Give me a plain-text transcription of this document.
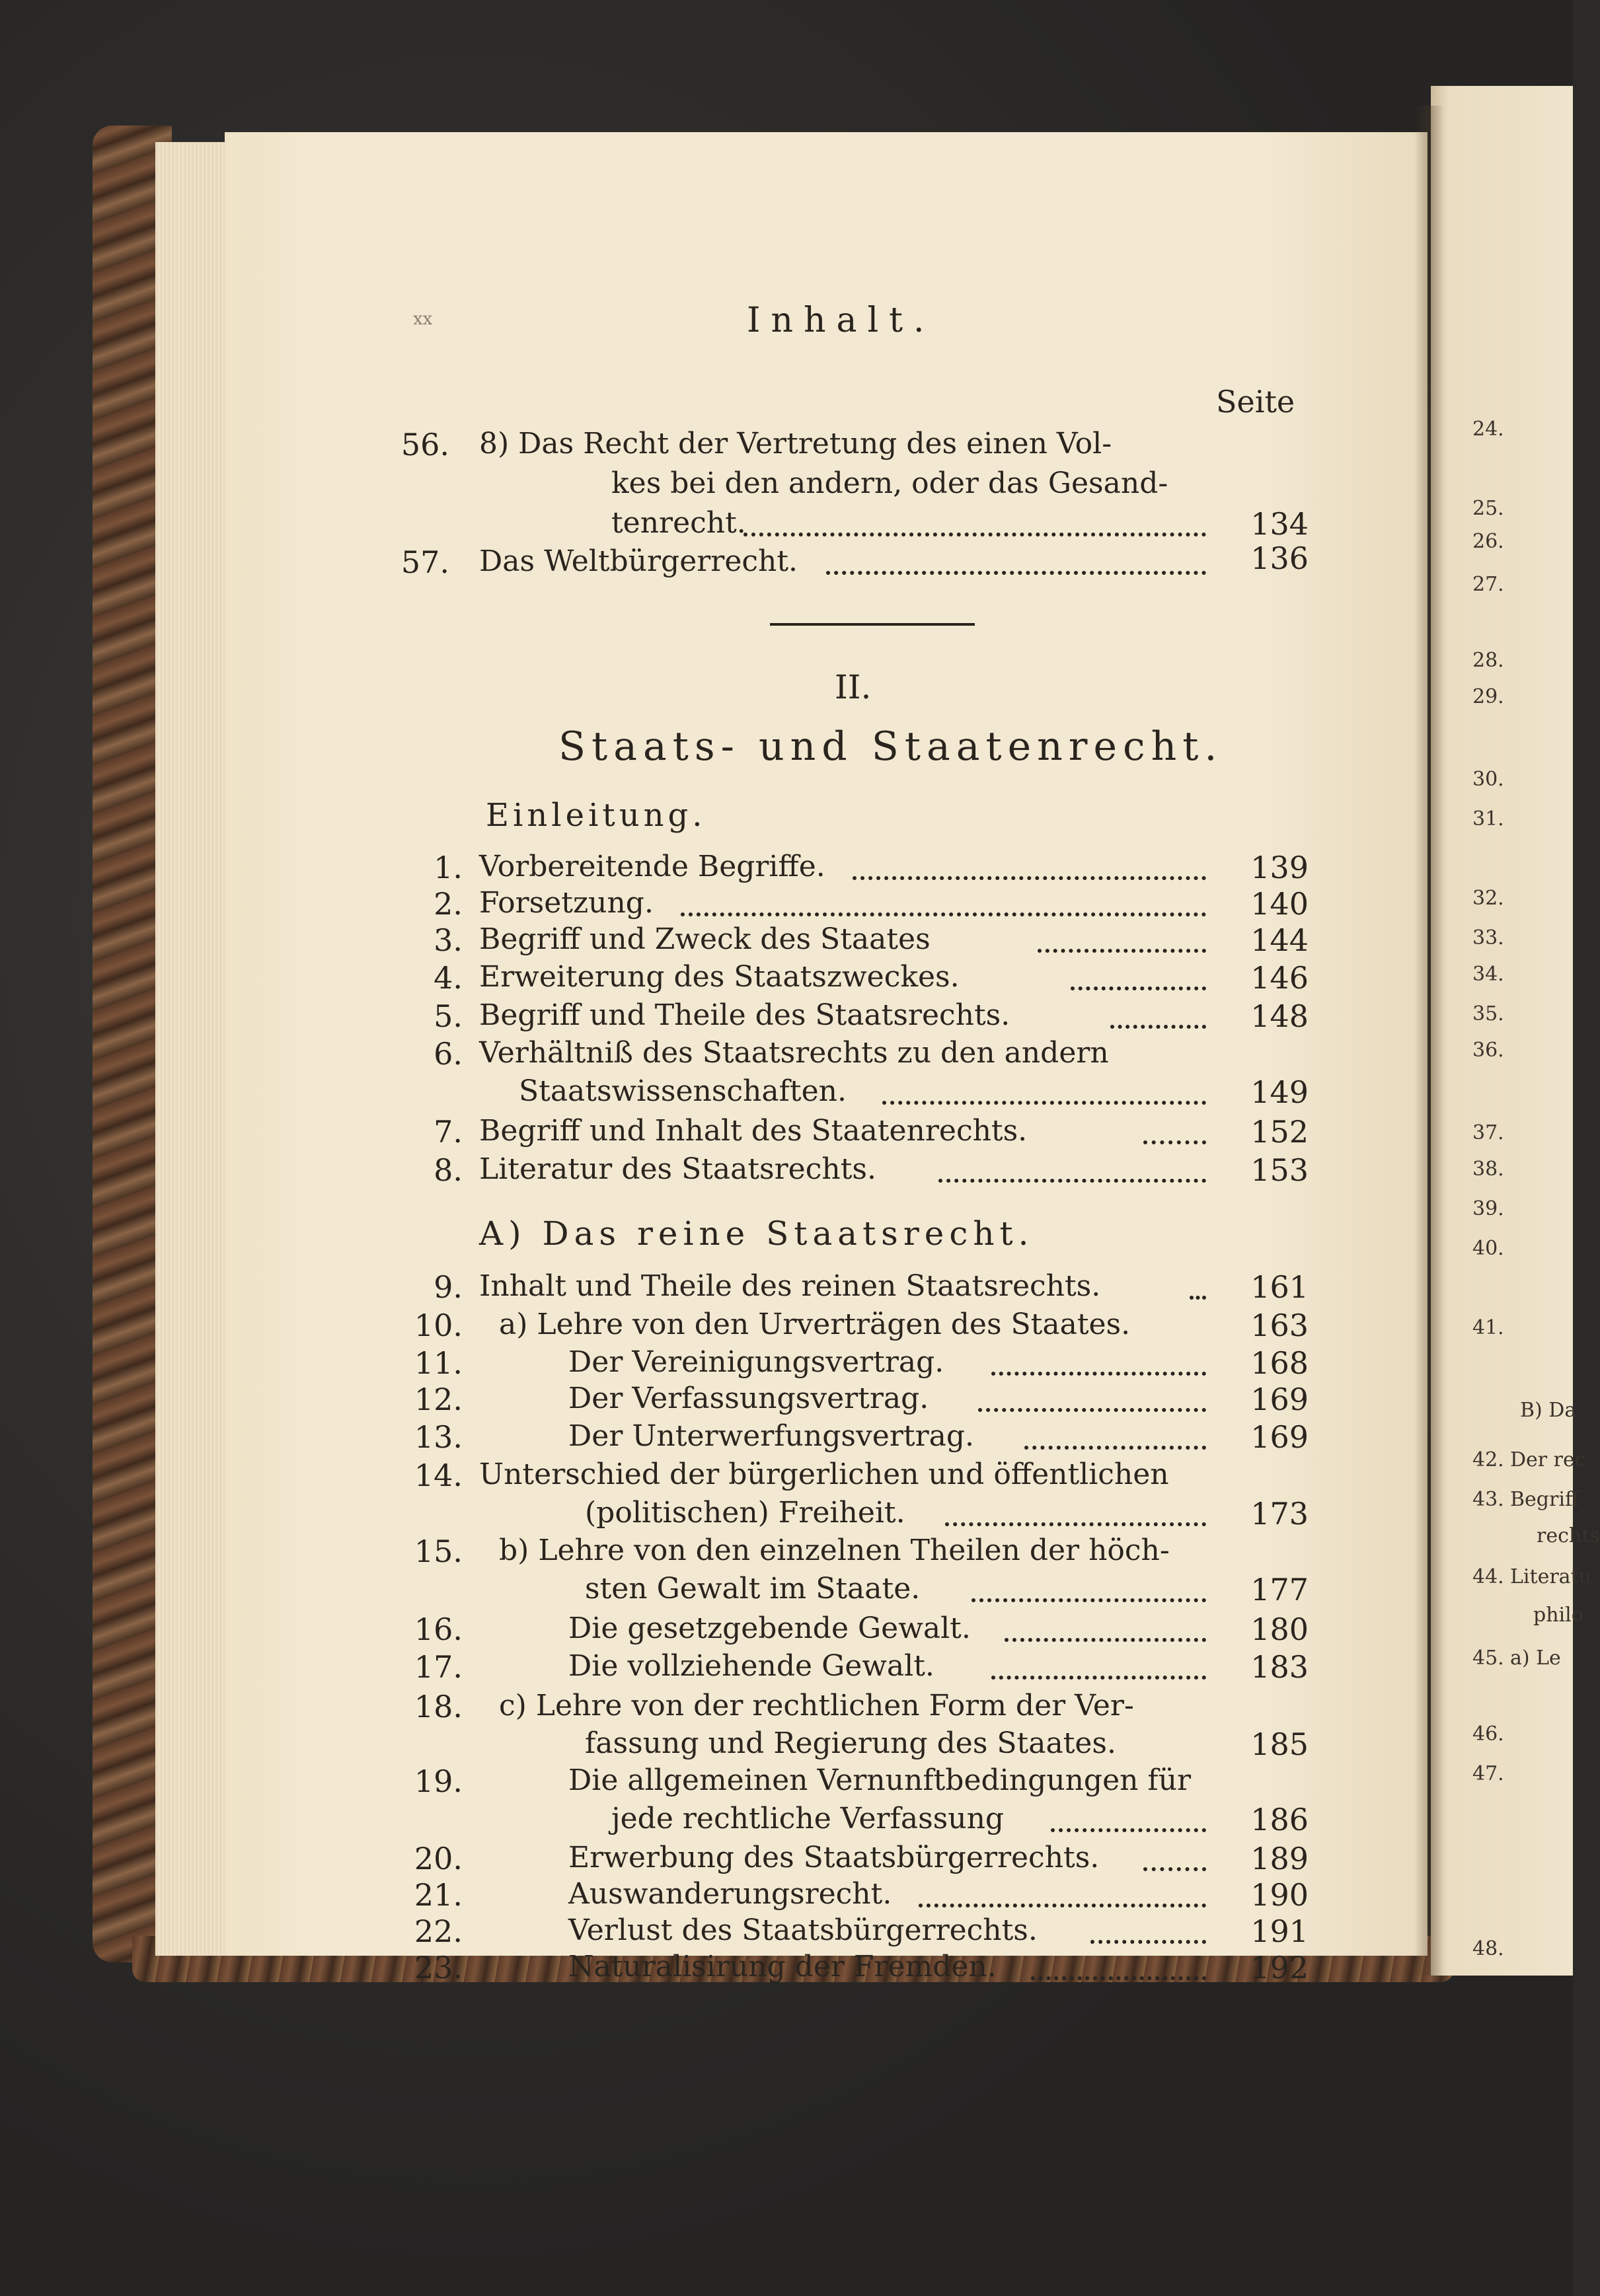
xx	Inhalt.
Seite
56. 8) Das Recht der Vertretung des einen Vol-
kes bei den andern, oder das Gesand-
tenrecht.	134
57. Das Weltbürgerrecht.	136
II.
Staats- und Staatenrecht.
Einleitung.
1. Vorbereitende Begriffe.	139
2. Forsetzung.	140
3. Begriff und Zweck des Staates	144
4. Erweiterung des Staatszweckes.	146
5. Begriff und Theile des Staatsrechts.	148
6. Verhältniß des Staatsrechts zu den andern
Staatswissenschaften.	149
7. Begriff und Inhalt des Staatenrechts.	152
8. Literatur des Staatsrechts.	153
A) Das reine Staatsrecht.
9. Inhalt und Theile des reinen Staatsrechts.	161
10. a) Lehre von den Urverträgen des Staates.	163
11.	Der Vereinigungsvertrag.	168
12.	Der Verfassungsvertrag.	169
13.	Der Unterwerfungsvertrag.	169
14. Unterschied der bürgerlichen und öffentlichen
(politischen) Freiheit.	173
15. b) Lehre von den einzelnen Theilen der höch-
sten Gewalt im Staate.	177
16.	Die gesetzgebende Gewalt.	180
17.	Die vollziehende Gewalt.	183
18. c) Lehre von der rechtlichen Form der Ver-
fassung und Regierung des Staates.	185
19.	Die allgemeinen Vernunftbedingungen für
jede rechtliche Verfassung	186
20.	Erwerbung des Staatsbürgerrechts.	189
21.	Auswanderungsrecht.	190
22.	Verlust des Staatsbürgerrechts.	191
23.	Naturalisirung der Fremden.	192
24.
25.
26.
27.
28.
29.
30.
31.
32.
33.
34.
35.
36.
37.
38.
39.
40.
41.
B) Da
42. Der rec
43. Begriff
rechts
44. Literatu
philo
45. a) Le
46.
47.
48.
